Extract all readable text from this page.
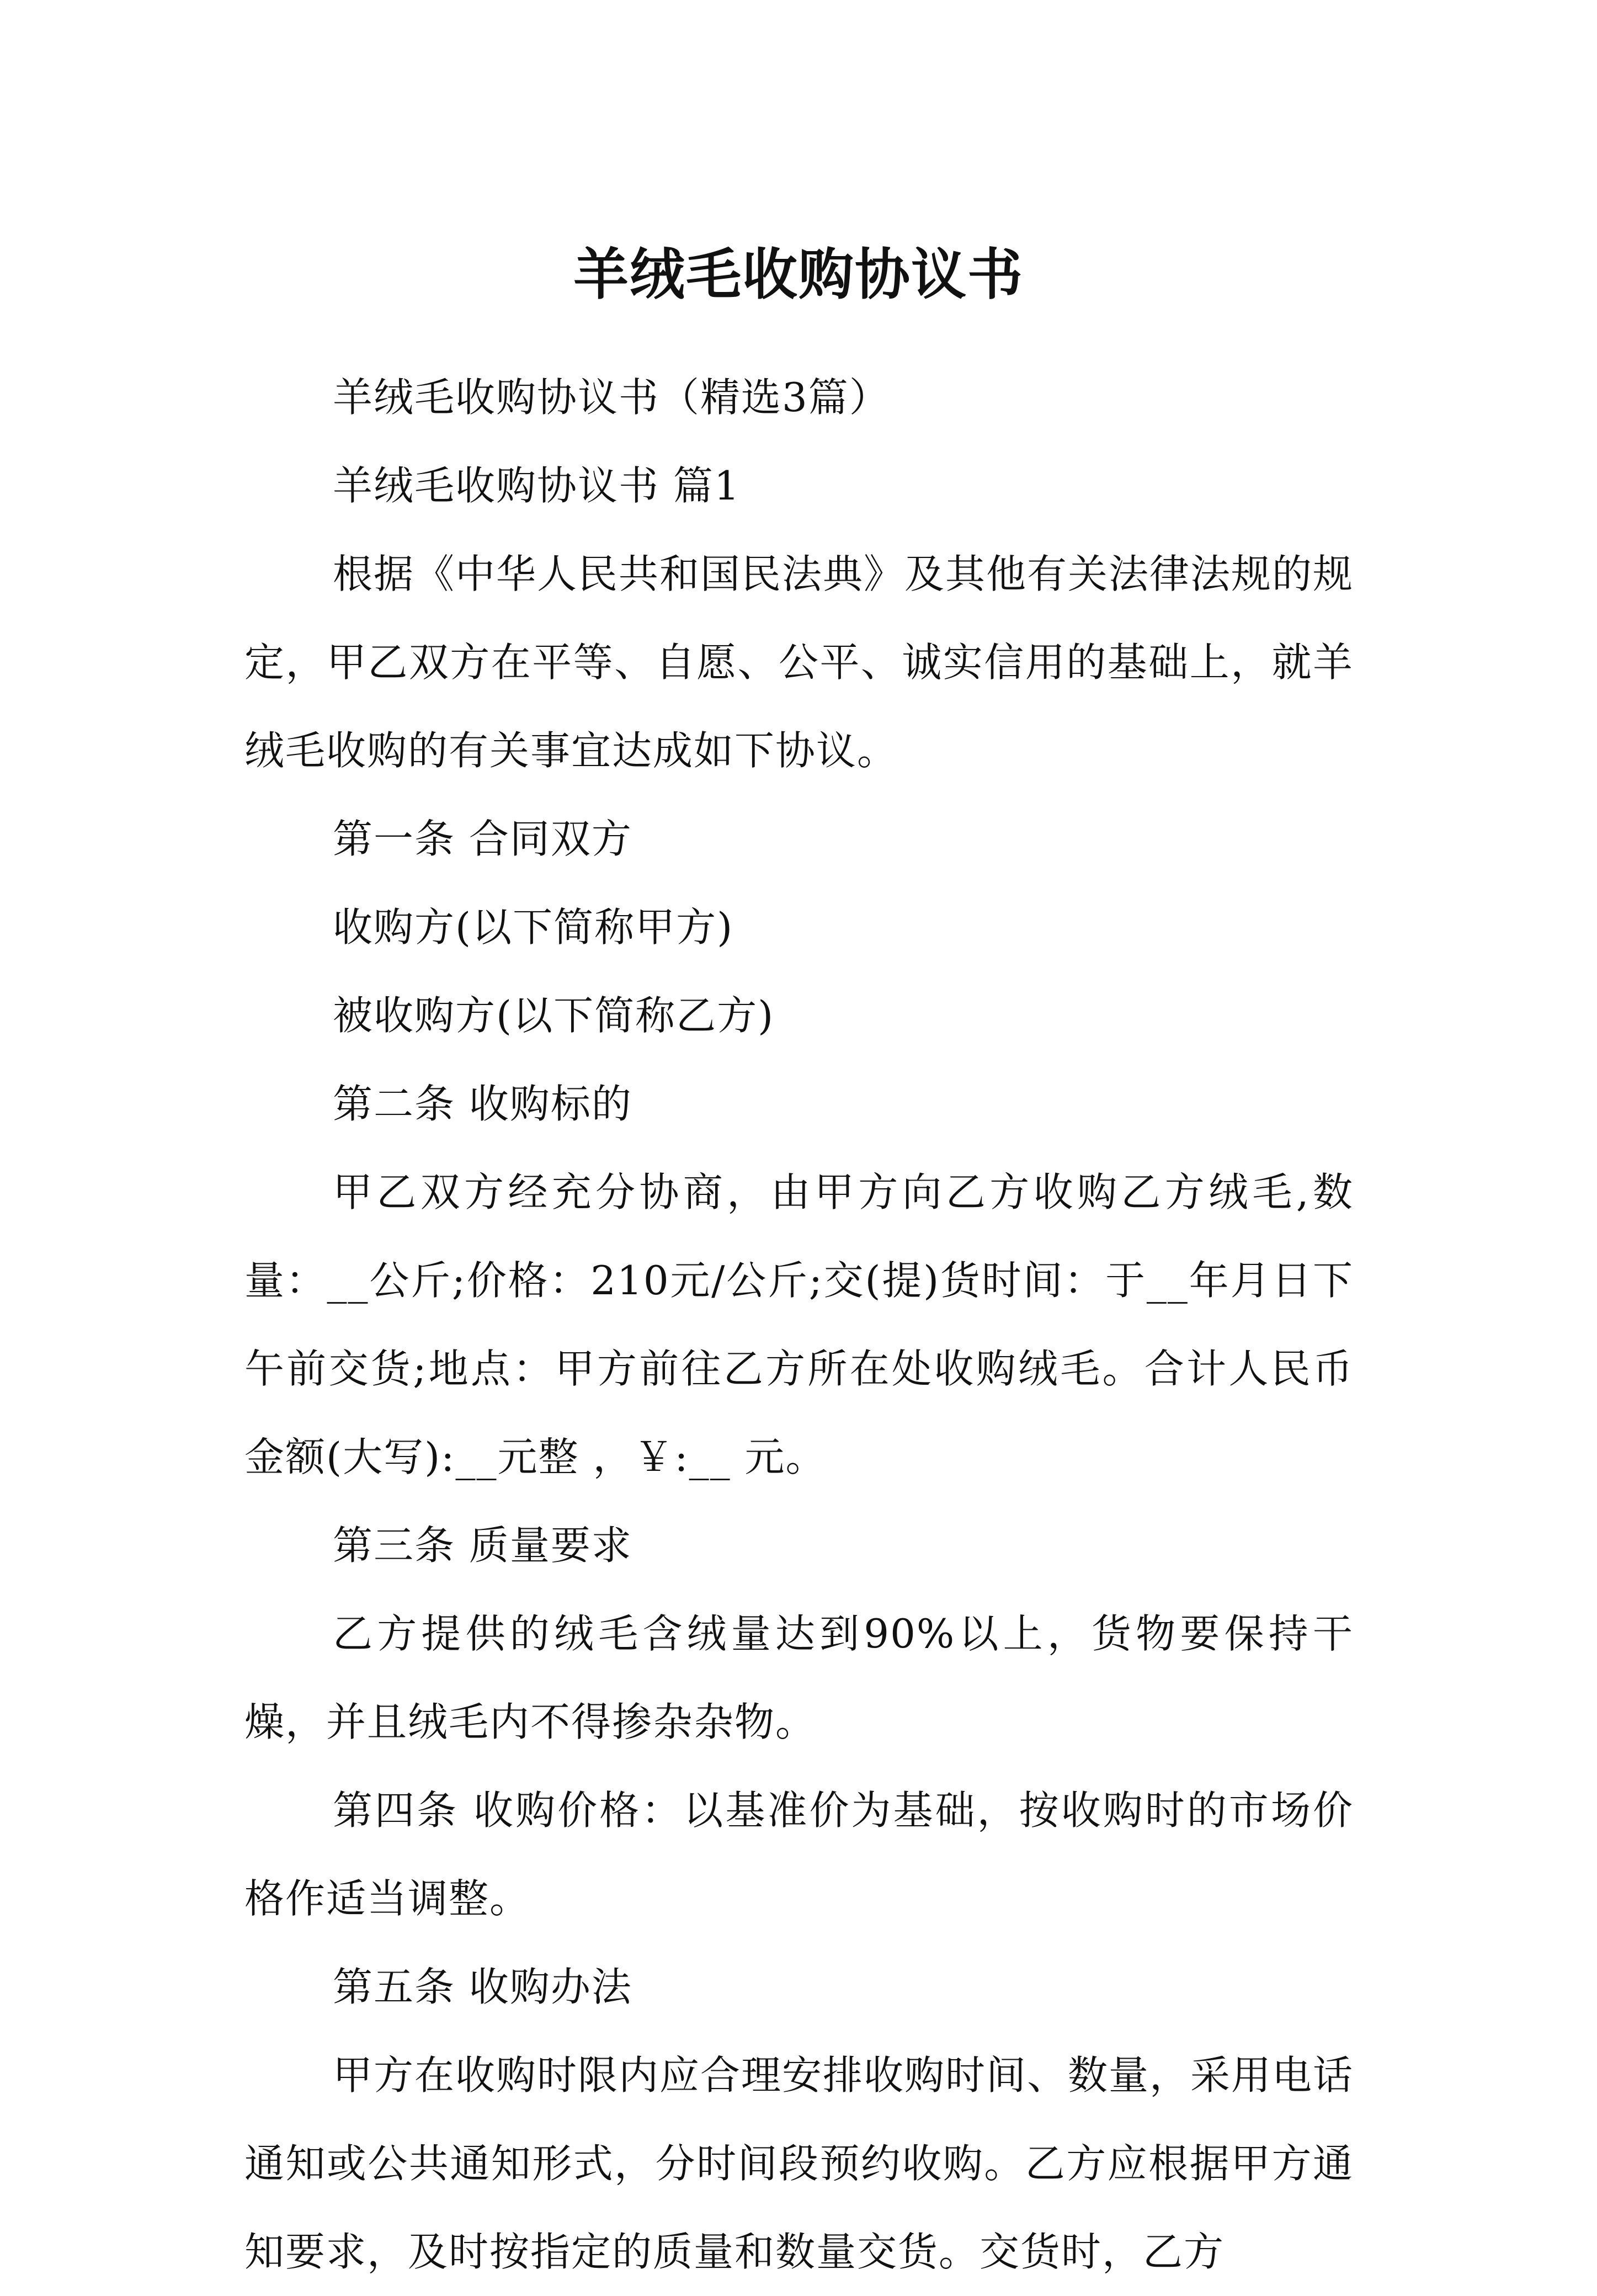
羊绒毛收购协议书

羊绒毛收购协议书（精选3篇）

羊绒毛收购协议书 篇1

根据《中华人民共和国民法典》及其他有关法律法规的规定，甲乙双方在平等、自愿、公平、诚实信用的基础上，就羊绒毛收购的有关事宜达成如下协议。

第一条 合同双方

收购方(以下简称甲方)

被收购方(以下简称乙方)

第二条 收购标的

甲乙双方经充分协商，由甲方向乙方收购乙方绒毛,数量：__公斤;价格：210元/公斤;交(提)货时间：于__年月日下午前交货;地点：甲方前往乙方所在处收购绒毛。合计人民币金额(大写):__元整 ，￥:__ 元。

第三条 质量要求

乙方提供的绒毛含绒量达到90%以上，货物要保持干燥，并且绒毛内不得掺杂杂物。

第四条 收购价格：以基准价为基础，按收购时的市场价格作适当调整。

第五条 收购办法

甲方在收购时限内应合理安排收购时间、数量，采用电话通知或公共通知形式，分时间段预约收购。乙方应根据甲方通知要求，及时按指定的质量和数量交货。交货时，乙方
